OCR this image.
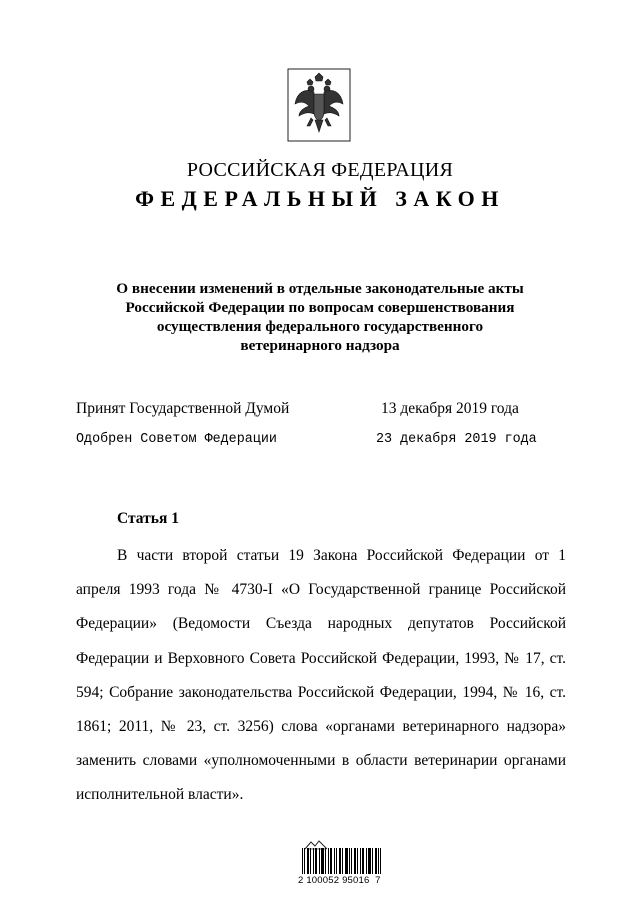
РОССИЙСКАЯ ФЕДЕРАЦИЯ
ФЕДЕРАЛЬНЫЙ ЗАКОН
О внесении изменений в отдельные законодательные акты
Российской Федерации по вопросам совершенствования
осуществления федерального государственного
ветеринарного надзора
Принят Государственной Думой	13 декабря 2019 года
Одобрен Советом Федерации	23 декабря 2019 года
Статья 1
В части второй статьи 19 Закона Российской Федерации от 1 апреля 1993 года № 4730-I «О Государственной границе Российской Федерации» (Ведомости Съезда народных депутатов Российской Федерации и Верховного Совета Российской Федерации, 1993, № 17, ст. 594; Собрание законодательства Российской Федерации, 1994, № 16, ст. 1861; 2011, № 23, ст. 3256) слова «органами ветеринарного надзора» заменить словами «уполномоченными в области ветеринарии органами исполнительной власти».
2 100052 95016  7
